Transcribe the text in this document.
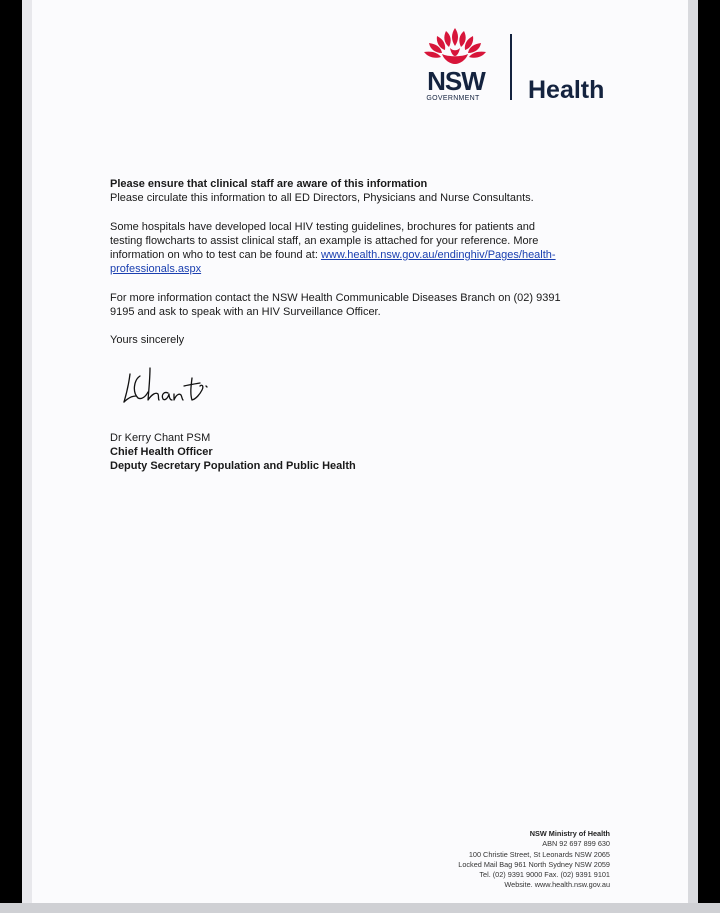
NSW
GOVERNMENT	Health
Please ensure that clinical staff are aware of this information
Please circulate this information to all ED Directors, Physicians and Nurse Consultants.
Some hospitals have developed local HIV testing guidelines, brochures for patients and
testing flowcharts to assist clinical staff, an example is attached for your reference. More
information on who to test can be found at: www.health.nsw.gov.au/endinghiv/Pages/health-
professionals.aspx
For more information contact the NSW Health Communicable Diseases Branch on (02) 9391
9195 and ask to speak with an HIV Surveillance Officer.
Yours sincerely
Dr Kerry Chant PSM
Chief Health Officer
Deputy Secretary Population and Public Health
NSW Ministry of Health
ABN 92 697 899 630
100 Christie Street, St Leonards NSW 2065
Locked Mail Bag 961 North Sydney NSW 2059
Tel. (02) 9391 9000 Fax. (02) 9391 9101
Website. www.health.nsw.gov.au
